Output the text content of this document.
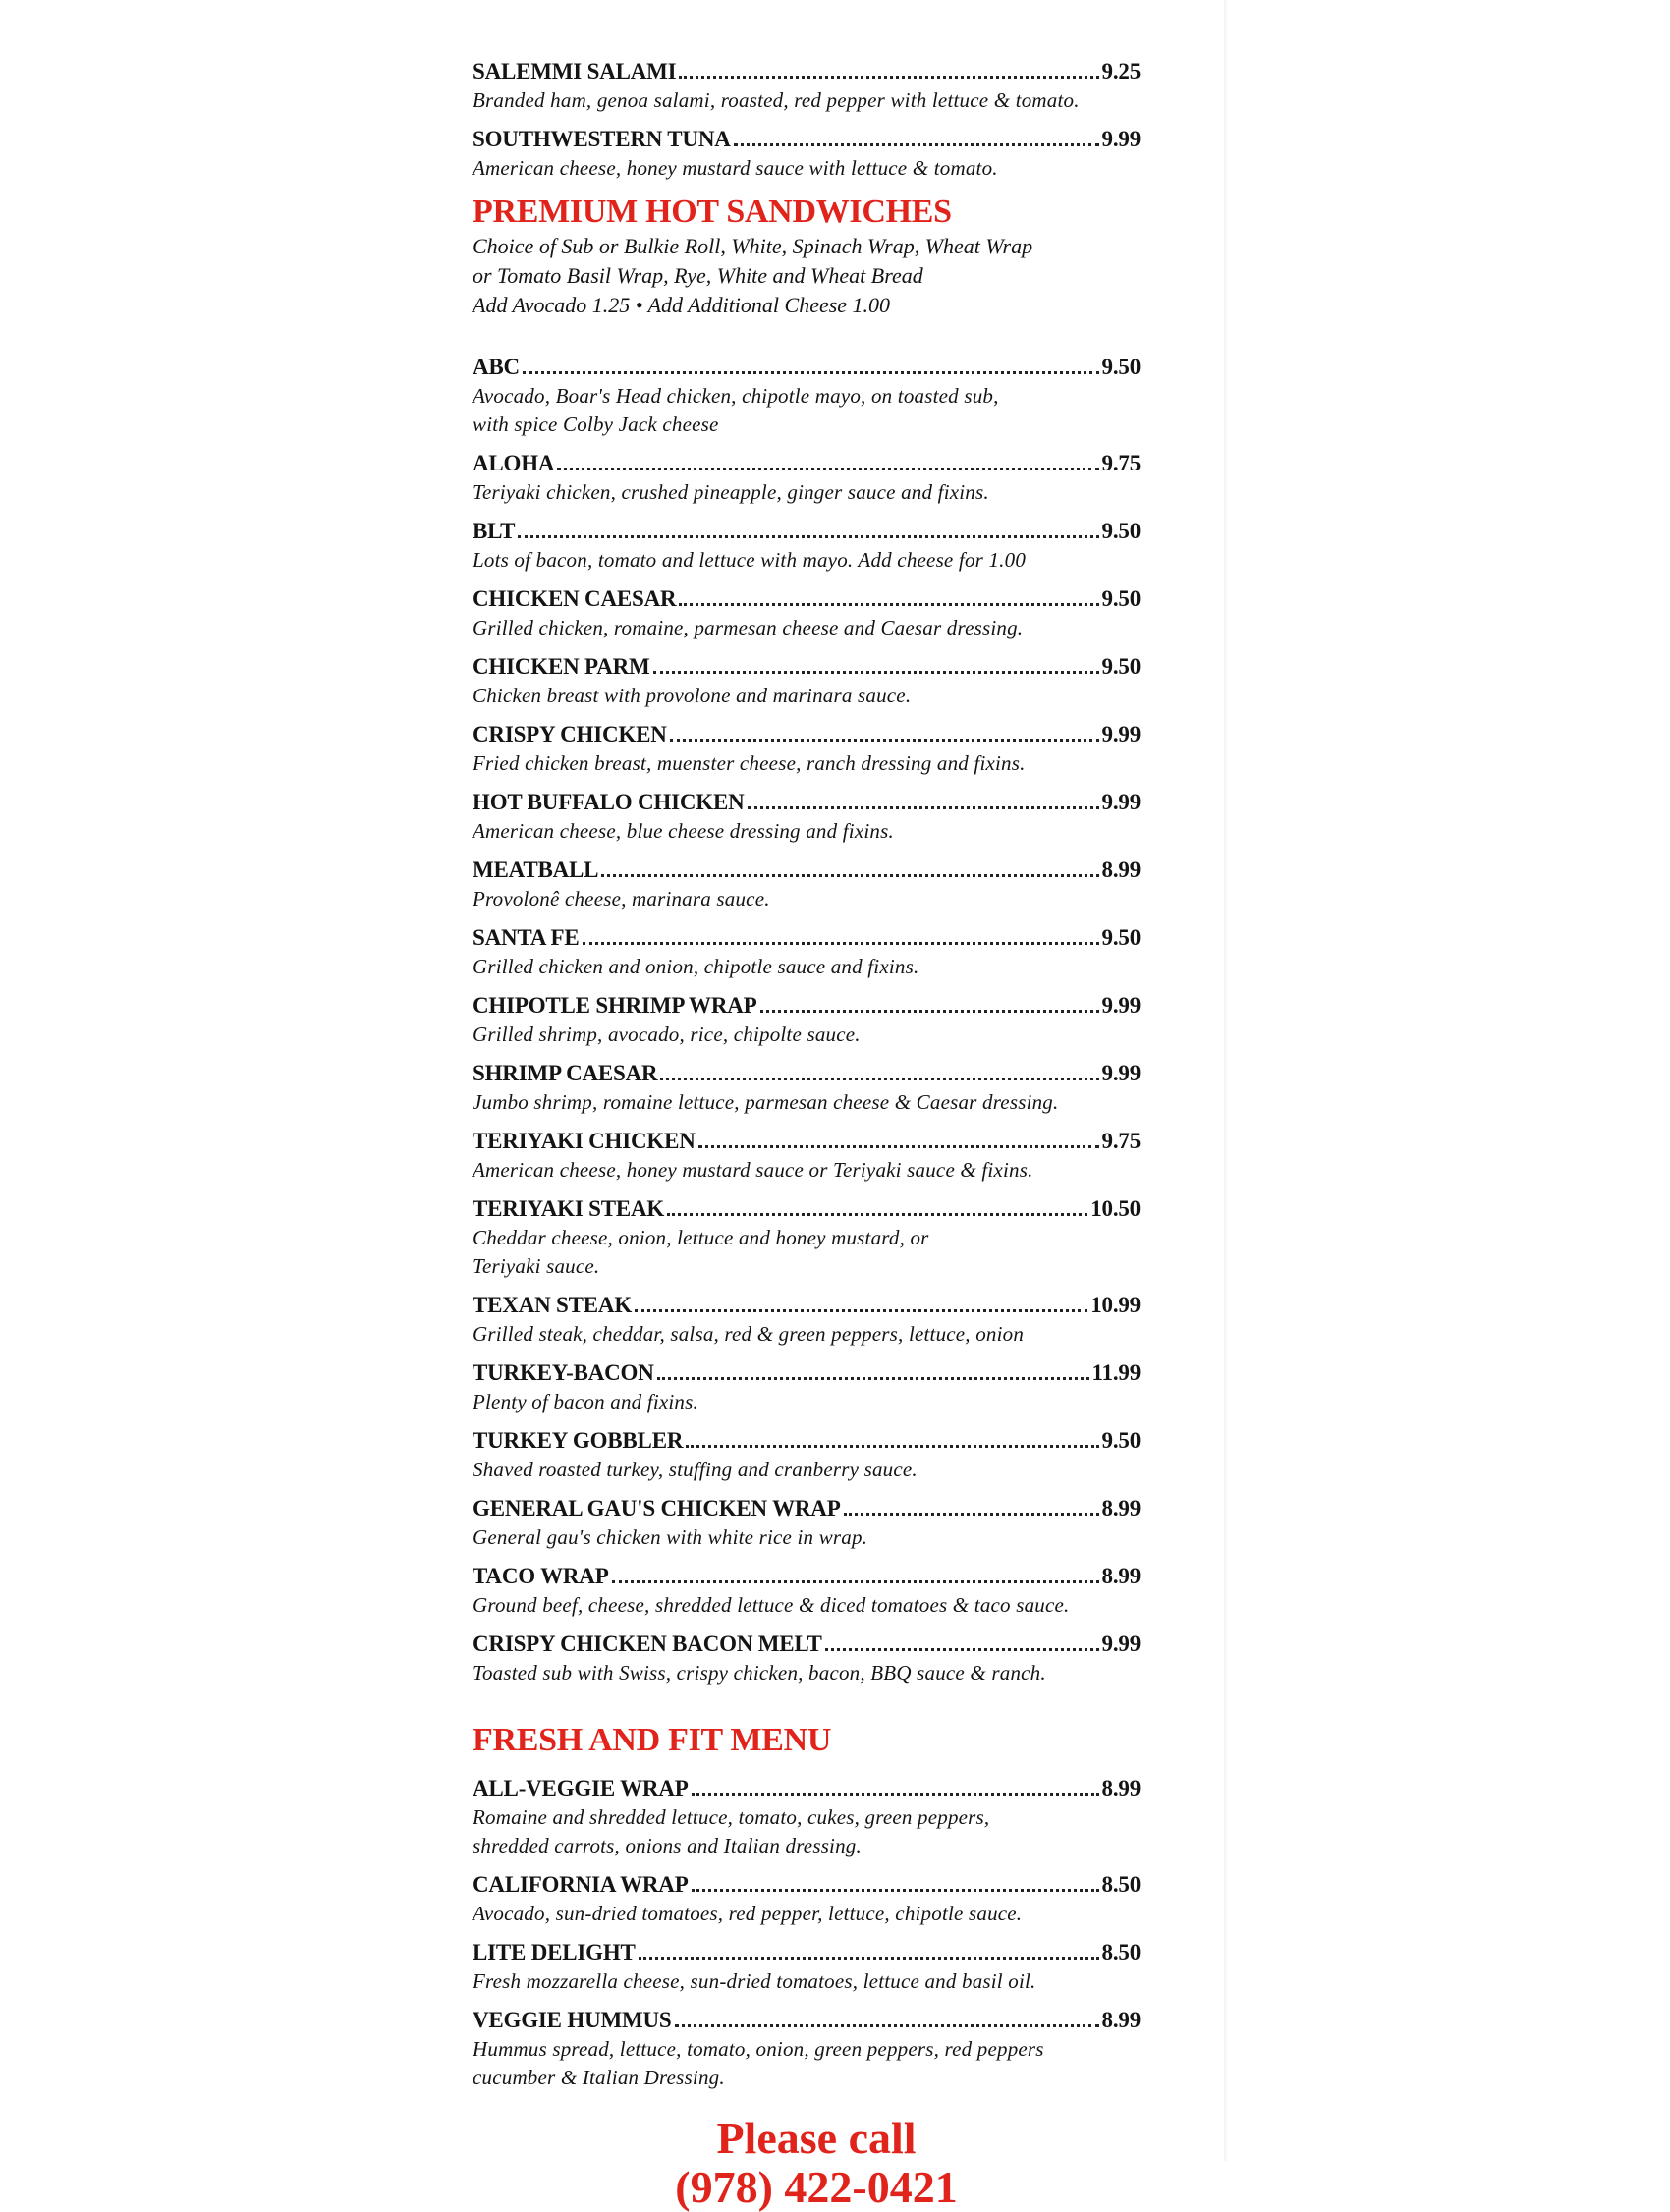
SALEMMI SALAMI	9.25
Branded ham, genoa salami, roasted, red pepper with lettuce & tomato.
SOUTHWESTERN TUNA	9.99
American cheese, honey mustard sauce with lettuce & tomato.
PREMIUM HOT SANDWICHES
Choice of Sub or Bulkie Roll, White, Spinach Wrap, Wheat Wrap
or Tomato Basil Wrap, Rye, White and Wheat Bread
Add Avocado 1.25 • Add Additional Cheese 1.00
ABC	9.50
Avocado, Boar's Head chicken, chipotle mayo, on toasted sub,
with spice Colby Jack cheese
ALOHA	9.75
Teriyaki chicken, crushed pineapple, ginger sauce and fixins.
BLT	9.50
Lots of bacon, tomato and lettuce with mayo. Add cheese for 1.00
CHICKEN CAESAR	9.50
Grilled chicken, romaine, parmesan cheese and Caesar dressing.
CHICKEN PARM	9.50
Chicken breast with provolone and marinara sauce.
CRISPY CHICKEN	9.99
Fried chicken breast, muenster cheese, ranch dressing and fixins.
HOT BUFFALO CHICKEN	9.99
American cheese, blue cheese dressing and fixins.
MEATBALL	8.99
Provolonê cheese, marinara sauce.
SANTA FE	9.50
Grilled chicken and onion, chipotle sauce and fixins.
CHIPOTLE SHRIMP WRAP	9.99
Grilled shrimp, avocado, rice, chipolte sauce.
SHRIMP CAESAR	9.99
Jumbo shrimp, romaine lettuce, parmesan cheese & Caesar dressing.
TERIYAKI CHICKEN	9.75
American cheese, honey mustard sauce or Teriyaki sauce & fixins.
TERIYAKI STEAK	10.50
Cheddar cheese, onion, lettuce and honey mustard, or
Teriyaki sauce.
TEXAN STEAK	10.99
Grilled steak, cheddar, salsa, red & green peppers, lettuce, onion
TURKEY-BACON	11.99
Plenty of bacon and fixins.
TURKEY GOBBLER	9.50
Shaved roasted turkey, stuffing and cranberry sauce.
GENERAL GAU'S CHICKEN WRAP	8.99
General gau's chicken with white rice in wrap.
TACO WRAP	8.99
Ground beef, cheese, shredded lettuce & diced tomatoes & taco sauce.
CRISPY CHICKEN BACON MELT	9.99
Toasted sub with Swiss, crispy chicken, bacon, BBQ sauce & ranch.
FRESH AND FIT MENU
ALL-VEGGIE WRAP	8.99
Romaine and shredded lettuce, tomato, cukes, green peppers,
shredded carrots, onions and Italian dressing.
CALIFORNIA WRAP	8.50
Avocado, sun-dried tomatoes, red pepper, lettuce, chipotle sauce.
LITE DELIGHT	8.50
Fresh mozzarella cheese, sun-dried tomatoes, lettuce and basil oil.
VEGGIE HUMMUS	8.99
Hummus spread, lettuce, tomato, onion, green peppers, red peppers
cucumber & Italian Dressing.
Please call
(978) 422-0421
